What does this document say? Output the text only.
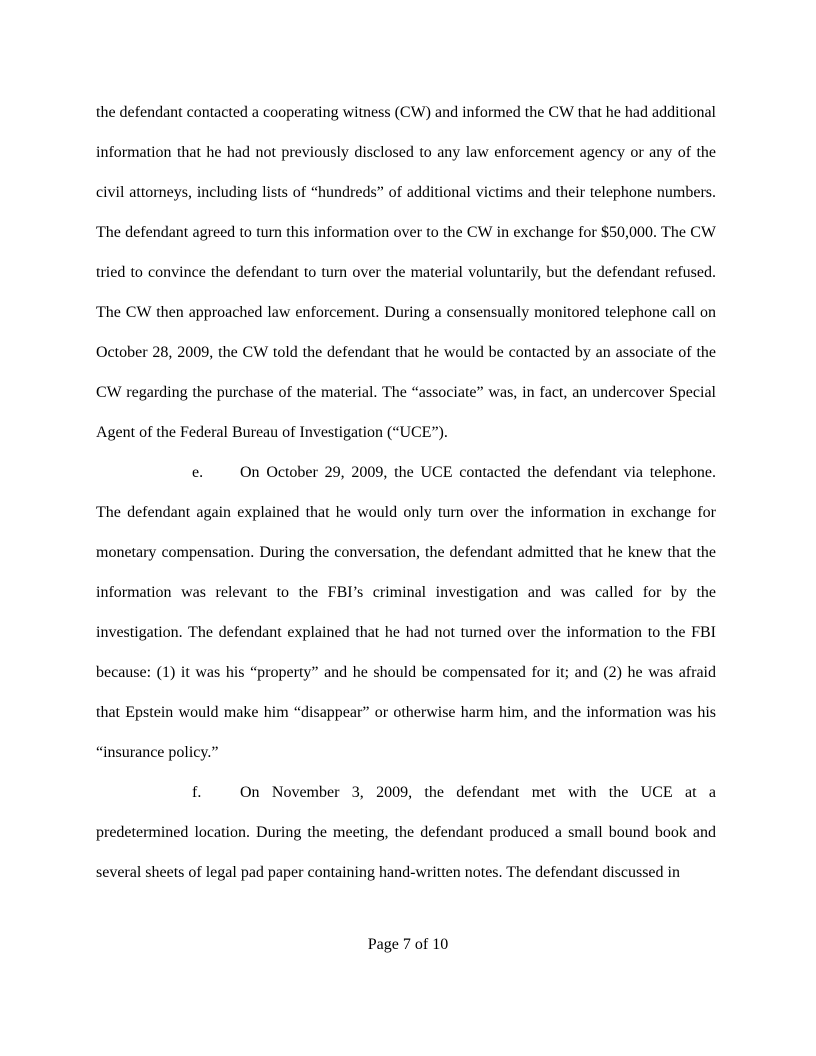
the defendant contacted a cooperating witness (CW) and informed the CW that he had additional information that he had not previously disclosed to any law enforcement agency or any of the civil attorneys, including lists of “hundreds” of additional victims and their telephone numbers. The defendant agreed to turn this information over to the CW in exchange for $50,000. The CW tried to convince the defendant to turn over the material voluntarily, but the defendant refused. The CW then approached law enforcement. During a consensually monitored telephone call on October 28, 2009, the CW told the defendant that he would be contacted by an associate of the CW regarding the purchase of the material. The “associate” was, in fact, an undercover Special Agent of the Federal Bureau of Investigation (“UCE”).

e. On October 29, 2009, the UCE contacted the defendant via telephone. The defendant again explained that he would only turn over the information in exchange for monetary compensation. During the conversation, the defendant admitted that he knew that the information was relevant to the FBI’s criminal investigation and was called for by the investigation. The defendant explained that he had not turned over the information to the FBI because: (1) it was his “property” and he should be compensated for it; and (2) he was afraid that Epstein would make him “disappear” or otherwise harm him, and the information was his “insurance policy.”

f. On November 3, 2009, the defendant met with the UCE at a predetermined location. During the meeting, the defendant produced a small bound book and several sheets of legal pad paper containing hand-written notes. The defendant discussed in

Page 7 of 10
